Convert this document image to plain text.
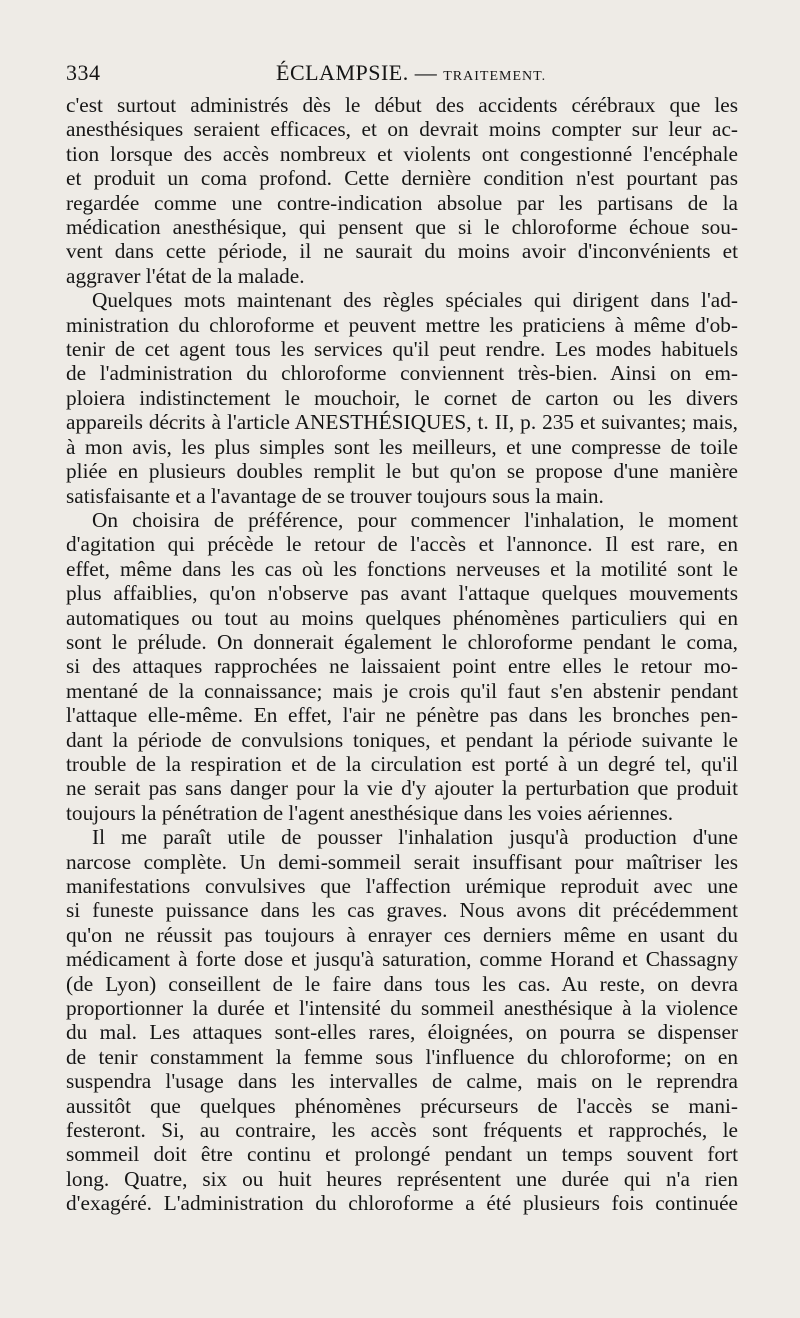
334	ÉCLAMPSIE. — TRAITEMENT.

c'est surtout administrés dès le début des accidents cérébraux que les
anesthésiques seraient efficaces, et on devrait moins compter sur leur ac-
tion lorsque des accès nombreux et violents ont congestionné l'encéphale
et produit un coma profond. Cette dernière condition n'est pourtant pas
regardée comme une contre-indication absolue par les partisans de la
médication anesthésique, qui pensent que si le chloroforme échoue sou-
vent dans cette période, il ne saurait du moins avoir d'inconvénients et
aggraver l'état de la malade.

Quelques mots maintenant des règles spéciales qui dirigent dans l'ad-
ministration du chloroforme et peuvent mettre les praticiens à même d'ob-
tenir de cet agent tous les services qu'il peut rendre. Les modes habituels
de l'administration du chloroforme conviennent très-bien. Ainsi on em-
ploiera indistinctement le mouchoir, le cornet de carton ou les divers
appareils décrits à l'article ANESTHÉSIQUES, t. II, p. 235 et suivantes; mais,
à mon avis, les plus simples sont les meilleurs, et une compresse de toile
pliée en plusieurs doubles remplit le but qu'on se propose d'une manière
satisfaisante et a l'avantage de se trouver toujours sous la main.

On choisira de préférence, pour commencer l'inhalation, le moment
d'agitation qui précède le retour de l'accès et l'annonce. Il est rare, en
effet, même dans les cas où les fonctions nerveuses et la motilité sont le
plus affaiblies, qu'on n'observe pas avant l'attaque quelques mouvements
automatiques ou tout au moins quelques phénomènes particuliers qui en
sont le prélude. On donnerait également le chloroforme pendant le coma,
si des attaques rapprochées ne laissaient point entre elles le retour mo-
mentané de la connaissance; mais je crois qu'il faut s'en abstenir pendant
l'attaque elle-même. En effet, l'air ne pénètre pas dans les bronches pen-
dant la période de convulsions toniques, et pendant la période suivante le
trouble de la respiration et de la circulation est porté à un degré tel, qu'il
ne serait pas sans danger pour la vie d'y ajouter la perturbation que produit
toujours la pénétration de l'agent anesthésique dans les voies aériennes.

Il me paraît utile de pousser l'inhalation jusqu'à production d'une
narcose complète. Un demi-sommeil serait insuffisant pour maîtriser les
manifestations convulsives que l'affection urémique reproduit avec une
si funeste puissance dans les cas graves. Nous avons dit précédemment
qu'on ne réussit pas toujours à enrayer ces derniers même en usant du
médicament à forte dose et jusqu'à saturation, comme Horand et Chassagny
(de Lyon) conseillent de le faire dans tous les cas. Au reste, on devra
proportionner la durée et l'intensité du sommeil anesthésique à la violence
du mal. Les attaques sont-elles rares, éloignées, on pourra se dispenser
de tenir constamment la femme sous l'influence du chloroforme; on en
suspendra l'usage dans les intervalles de calme, mais on le reprendra
aussitôt que quelques phénomènes précurseurs de l'accès se mani-
festeront. Si, au contraire, les accès sont fréquents et rapprochés, le
sommeil doit être continu et prolongé pendant un temps souvent fort
long. Quatre, six ou huit heures représentent une durée qui n'a rien
d'exagéré. L'administration du chloroforme a été plusieurs fois continuée
